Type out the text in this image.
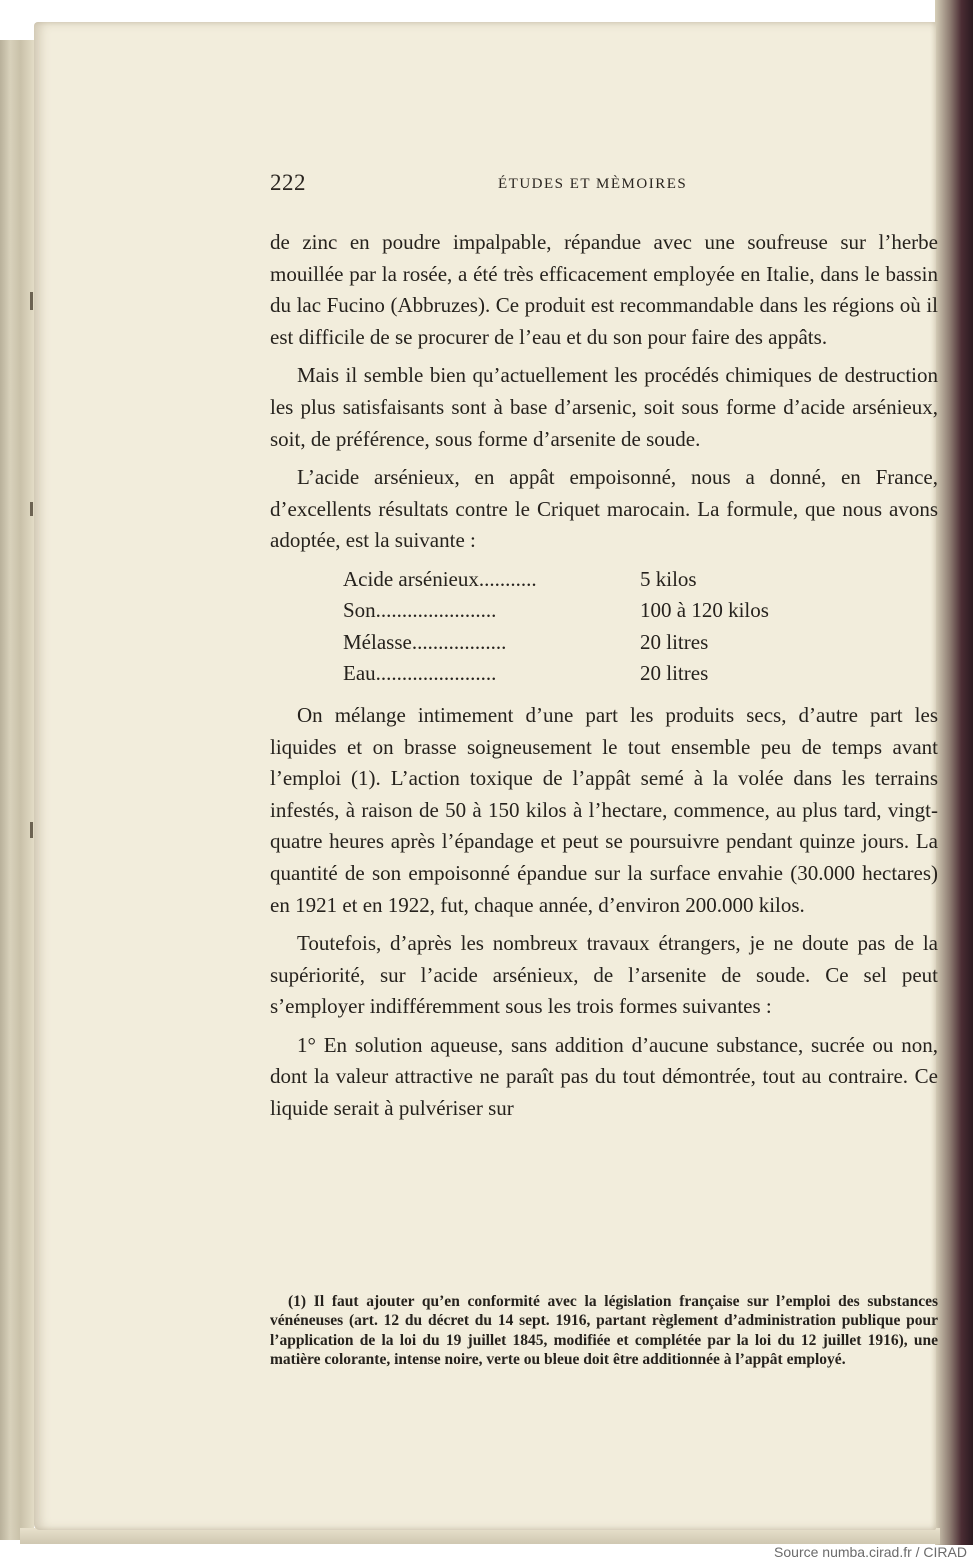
222	ÉTUDES ET MÈMOIRES

de zinc en poudre impalpable, répandue avec une soufreuse sur l’herbe mouillée par la rosée, a été très efficacement employée en Italie, dans le bassin du lac Fucino (Abbruzes). Ce produit est recommandable dans les régions où il est difficile de se procurer de l’eau et du son pour faire des appâts.

Mais il semble bien qu’actuellement les procédés chimiques de destruction les plus satisfaisants sont à base d’arsenic, soit sous forme d’acide arsénieux, soit, de préférence, sous forme d’arsenite de soude.

L’acide arsénieux, en appât empoisonné, nous a donné, en France, d’excellents résultats contre le Criquet marocain. La formule, que nous avons adoptée, est la suivante :

Acide arsénieux...........	5 kilos
Son.......................	100 à 120 kilos
Mélasse..................	20 litres
Eau.......................	20 litres

On mélange intimement d’une part les produits secs, d’autre part les liquides et on brasse soigneusement le tout ensemble peu de temps avant l’emploi (1). L’action toxique de l’appât semé à la volée dans les terrains infestés, à raison de 50 à 150 kilos à l’hectare, commence, au plus tard, vingt-quatre heures après l’épandage et peut se poursuivre pendant quinze jours. La quantité de son empoisonné épandue sur la surface envahie (30.000 hectares) en 1921 et en 1922, fut, chaque année, d’environ 200.000 kilos.

Toutefois, d’après les nombreux travaux étrangers, je ne doute pas de la supériorité, sur l’acide arsénieux, de l’arsenite de soude. Ce sel peut s’employer indifféremment sous les trois formes suivantes :

1° En solution aqueuse, sans addition d’aucune substance, sucrée ou non, dont la valeur attractive ne paraît pas du tout démontrée, tout au contraire. Ce liquide serait à pulvériser sur

(1) Il faut ajouter qu’en conformité avec la législation française sur l’emploi des substances vénéneuses (art. 12 du décret du 14 sept. 1916, partant règlement d’administration publique pour l’application de la loi du 19 juillet 1845, modifiée et complétée par la loi du 12 juillet 1916), une matière colorante, intense noire, verte ou bleue doit être additionnée à l’appât employé.

Source numba.cirad.fr / CIRAD
